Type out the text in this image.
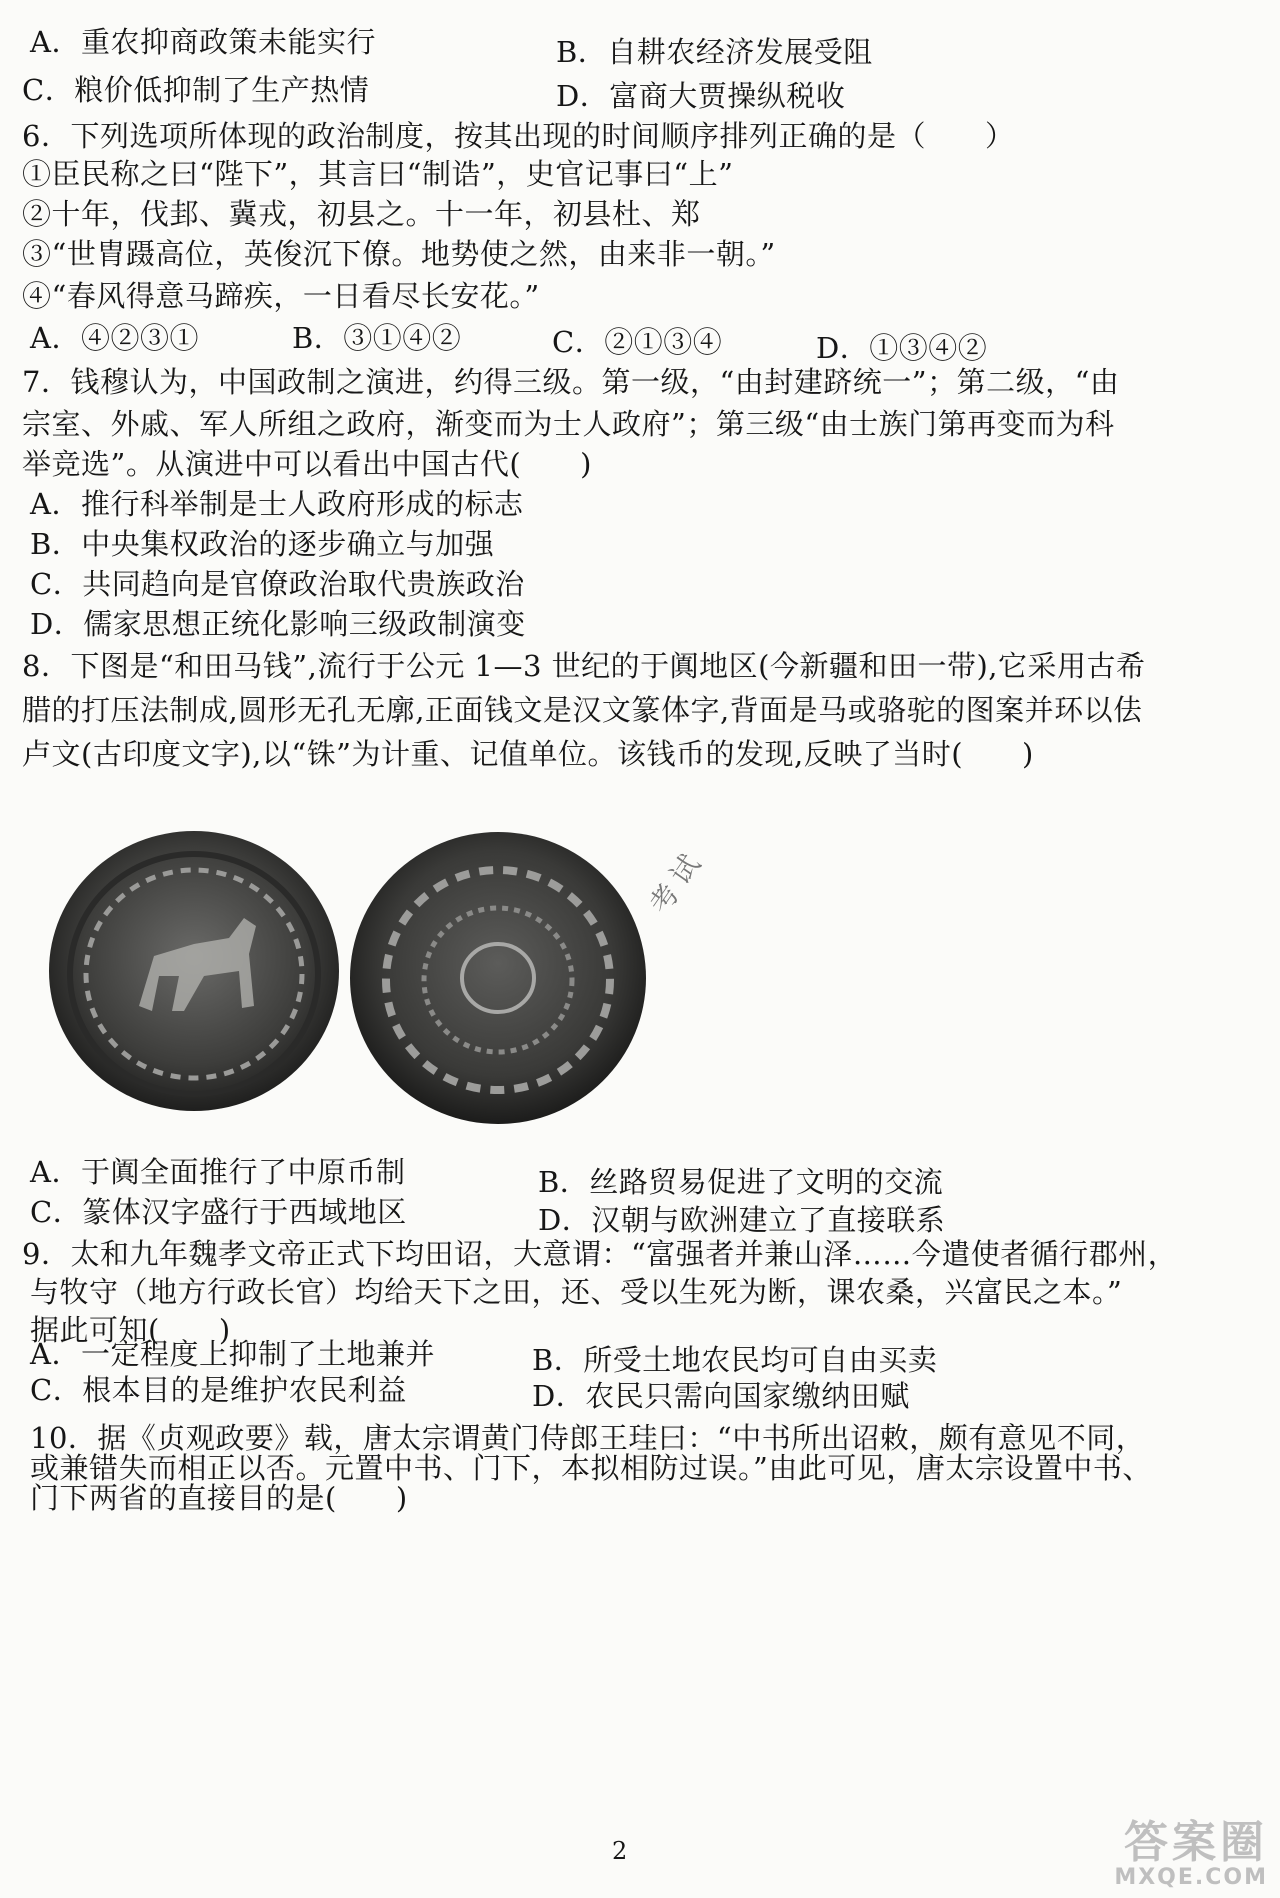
A．重农抑商政策未能实行	B．自耕农经济发展受阻
C．粮价低抑制了生产热情	D．富商大贾操纵税收
6．下列选项所体现的政治制度，按其出现的时间顺序排列正确的是（　　）
①臣民称之曰“陛下”，其言曰“制诰”，史官记事曰“上”
②十年，伐邽、冀戎，初县之。十一年，初县杜、郑
③“世胄蹑高位，英俊沉下僚。地势使之然，由来非一朝。”
④“春风得意马蹄疾，一日看尽长安花。”
A．④②③①	B．③①④②	C．②①③④	D．①③④②
7．钱穆认为，中国政制之演进，约得三级。第一级，“由封建跻统一”；第二级，“由
宗室、外戚、军人所组之政府，渐变而为士人政府”；第三级“由士族门第再变而为科
举竞选”。从演进中可以看出中国古代(　　)
A．推行科举制是士人政府形成的标志
B．中央集权政治的逐步确立与加强
C．共同趋向是官僚政治取代贵族政治
D．儒家思想正统化影响三级政制演变
8．下图是“和田马钱”,流行于公元 1—3 世纪的于阗地区(今新疆和田一带),它采用古希
腊的打压法制成,圆形无孔无廓,正面钱文是汉文篆体字,背面是马或骆驼的图案并环以佉
卢文(古印度文字),以“铢”为计重、记值单位。该钱币的发现,反映了当时(　　)
考试
A．于阗全面推行了中原币制	B．丝路贸易促进了文明的交流
C．篆体汉字盛行于西域地区	D．汉朝与欧洲建立了直接联系
9．太和九年魏孝文帝正式下均田诏，大意谓：“富强者并兼山泽……今遣使者循行郡州，
与牧守（地方行政长官）均给天下之田，还、受以生死为断，课农桑，兴富民之本。”
据此可知(　　)
A．一定程度上抑制了土地兼并	B．所受土地农民均可自由买卖
C．根本目的是维护农民利益	D．农民只需向国家缴纳田赋
10．据《贞观政要》载，唐太宗谓黄门侍郎王珪曰：“中书所出诏敕，颇有意见不同，
或兼错失而相正以否。元置中书、门下，本拟相防过误。”由此可见，唐太宗设置中书、
门下两省的直接目的是(　　)
2	答案圈
MXQE.COM
